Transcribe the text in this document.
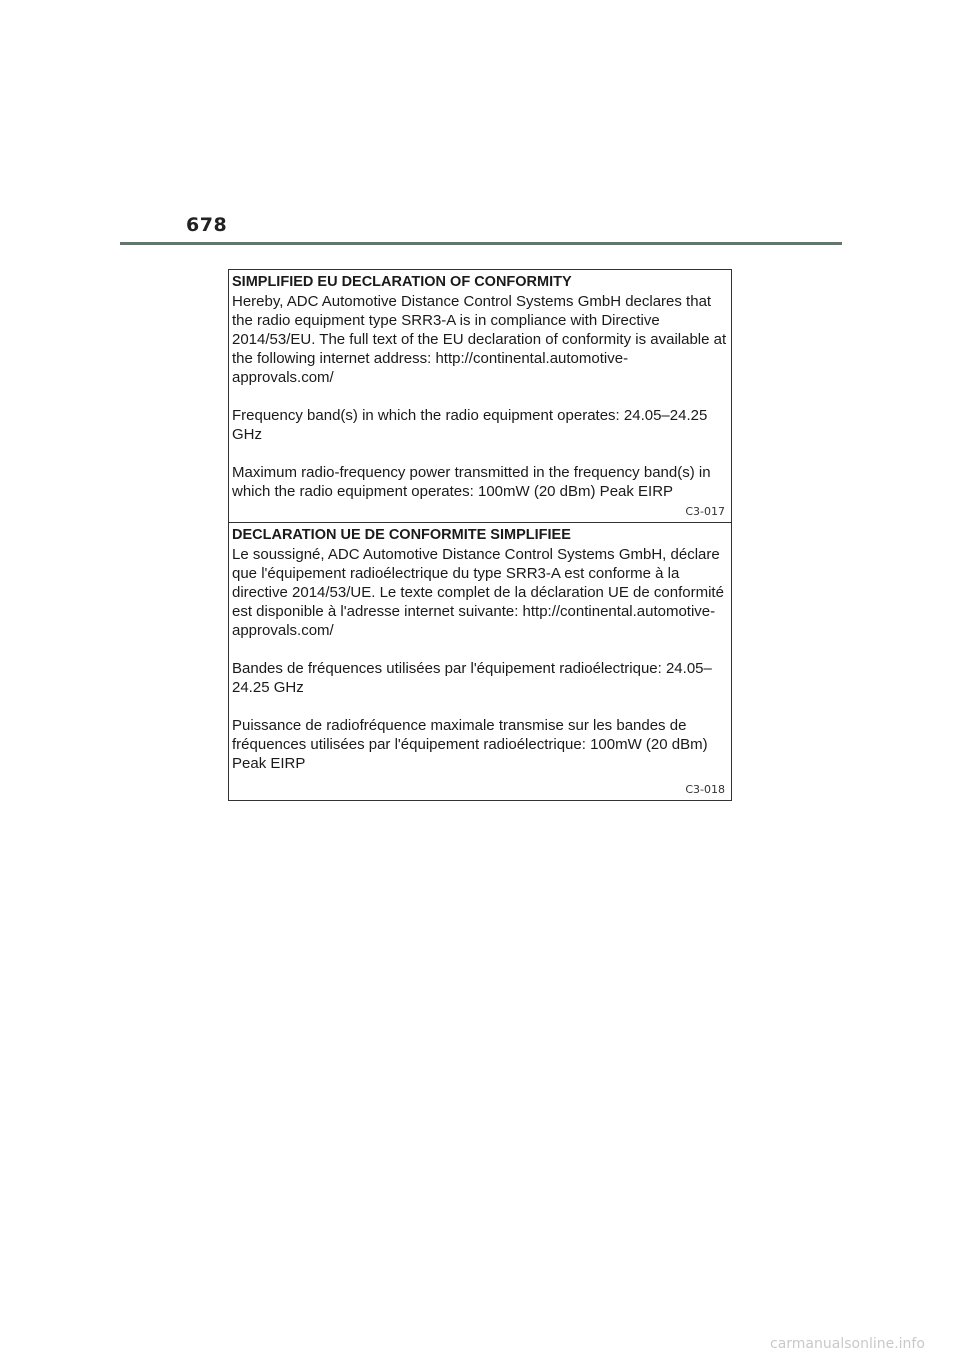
678

SIMPLIFIED EU DECLARATION OF CONFORMITY

Hereby, ADC Automotive Distance Control Systems GmbH declares that the radio equipment type SRR3-A is in compliance with Directive 2014/53/EU. The full text of the EU declaration of conformity is available at the following internet address: http://continental.automotive-approvals.com/

Frequency band(s) in which the radio equipment operates: 24.05–24.25 GHz

Maximum radio-frequency power transmitted in the frequency band(s) in which the radio equipment operates: 100mW (20 dBm) Peak EIRP

C3-017

DECLARATION UE DE CONFORMITE SIMPLIFIEE

Le soussigné, ADC Automotive Distance Control Systems GmbH, déclare que l'équipement radioélectrique du type SRR3-A est conforme à la directive 2014/53/UE. Le texte complet de la déclaration UE de conformité est disponible à l'adresse internet suivante: http://continental.automotive-approvals.com/

Bandes de fréquences utilisées par l'équipement radioélectrique: 24.05–24.25 GHz

Puissance de radiofréquence maximale transmise sur les bandes de fréquences utilisées par l'équipement radioélectrique: 100mW (20 dBm) Peak EIRP

C3-018
carmanualsonline.info
